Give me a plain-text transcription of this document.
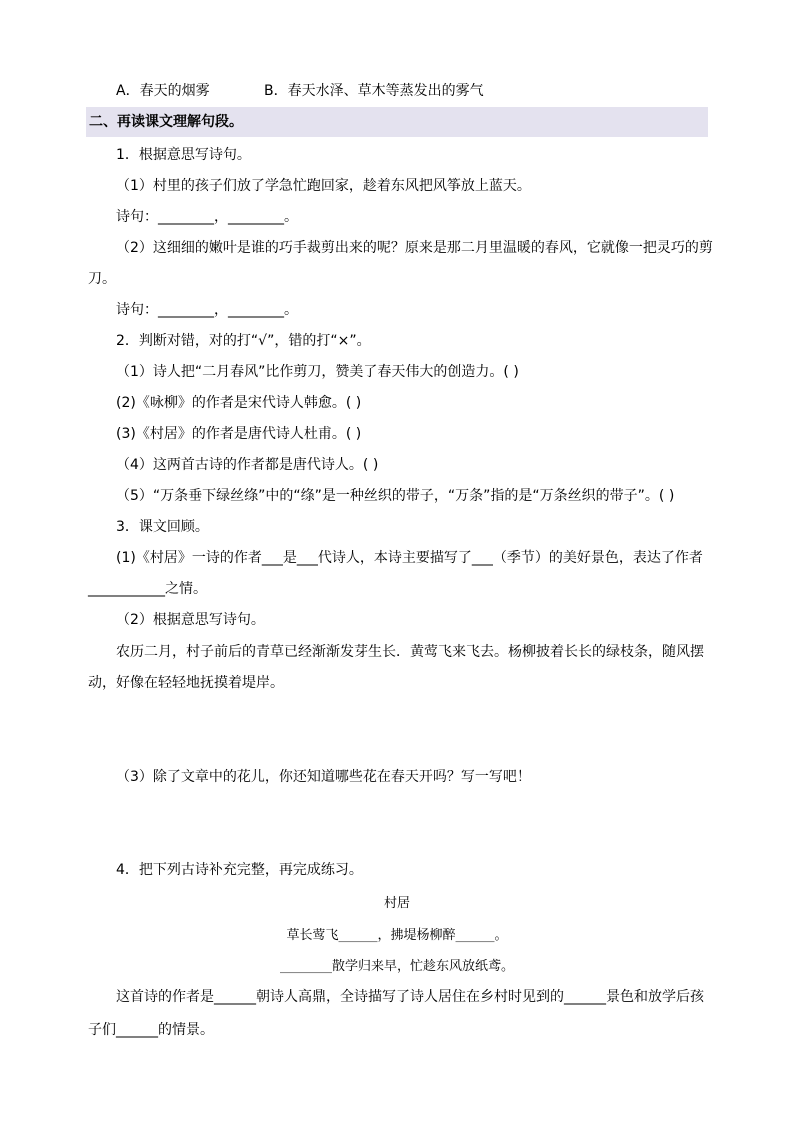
A．春天的烟雾	B．春天水泽、草木等蒸发出的雾气
二、再读课文理解句段。
1．根据意思写诗句。
（1）村里的孩子们放了学急忙跑回家，趁着东风把风筝放上蓝天。
诗句：________，________。
（2）这细细的嫩叶是谁的巧手裁剪出来的呢？原来是那二月里温暖的春风，它就像一把灵巧的剪
刀。
诗句：________，________。
2．判断对错，对的打“√”，错的打“×”。
（1）诗人把“二月春风”比作剪刀，赞美了春天伟大的创造力。( )
(2)《咏柳》的作者是宋代诗人韩愈。( )
(3)《村居》的作者是唐代诗人杜甫。( )
（4）这两首古诗的作者都是唐代诗人。( )
（5）“万条垂下绿丝绦”中的“绦”是一种丝织的带子，“万条”指的是“万条丝织的带子”。( )
3．课文回顾。
(1)《村居》一诗的作者___是___代诗人，本诗主要描写了___（季节）的美好景色，表达了作者
___________之情。
（2）根据意思写诗句。
农历二月，村子前后的青草已经渐渐发芽生长．黄莺飞来飞去。杨柳披着长长的绿枝条，随风摆
动，好像在轻轻地抚摸着堤岸。
（3）除了文章中的花儿，你还知道哪些花在春天开吗？写一写吧！
4．把下列古诗补充完整，再完成练习。
村居
草长莺飞______，拂堤杨柳醉______。
________散学归来早，忙趁东风放纸鸢。
这首诗的作者是______朝诗人高鼎，全诗描写了诗人居住在乡村时见到的______景色和放学后孩
子们______的情景。
